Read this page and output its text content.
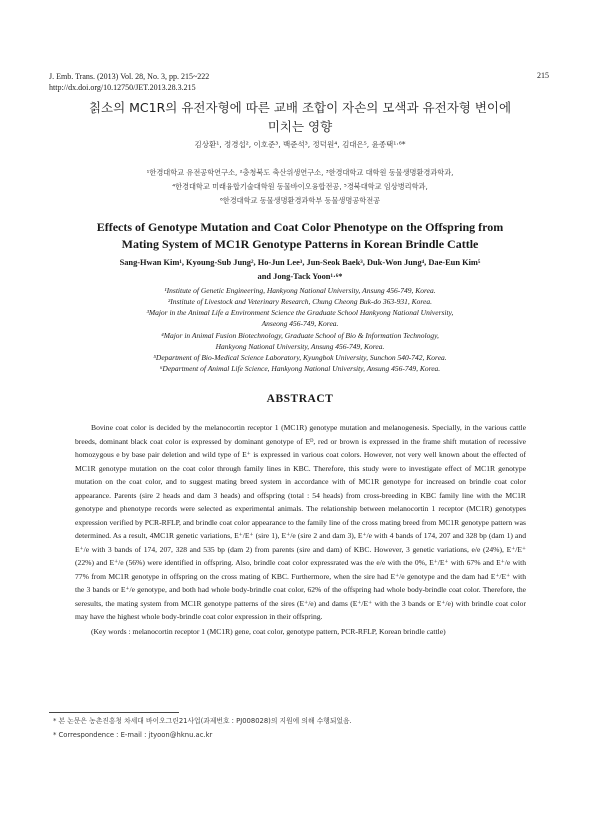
J. Emb. Trans. (2013) Vol. 28, No. 3, pp. 215~222
http://dx.doi.org/10.12750/JET.2013.28.3.215
215
칡소의 MC1R의 유전자형에 따른 교배 조합이 자손의 모색과 유전자형 변이에
미치는 영향
김상환¹, 정경섭², 이호준³, 백준석³, 정덕원⁴, 김대은⁵, 윤종택¹·⁶*
¹한경대학교 유전공학연구소, ²충청북도 축산위생연구소, ³한경대학교 대학원 동물생명환경과학과,
⁴한경대학교 미래융합기술대학원 동물바이오융합전공, ⁵경북대학교 임상병리학과,
⁶한경대학교 동물생명환경과학부 동물생명공학전공
Effects of Genotype Mutation and Coat Color Phenotype on the Offspring from
Mating System of MC1R Genotype Patterns in Korean Brindle Cattle
Sang-Hwan Kim¹, Kyoung-Sub Jung², Ho-Jun Lee³, Jun-Seok Baek³, Duk-Won Jung⁴, Dae-Eun Kim⁵
and Jong-Tack Yoon¹·⁶*
¹Institute of Genetic Engineering, Hankyong National University, Ansung 456-749, Korea.
²Institute of Livestock and Veterinary Research, Chung Cheong Buk-do 363-931, Korea.
³Major in the Animal Life a Environment Science the Graduate School Hankyong National University,
Anseong 456-749, Korea.
⁴Major in Animal Fusion Biotechnology, Graduate School of Bio & Information Technology,
Hankyong National University, Ansung 456-749, Korea.
⁵Department of Bio-Medical Science Laboratory, Kyungbok University, Sunchon 540-742, Korea.
⁶Department of Animal Life Science, Hankyong National University, Ansung 456-749, Korea.
ABSTRACT

Bovine coat color is decided by the melanocortin receptor 1 (MC1R) genotype mutation and melanogenesis. Specially, in the various cattle breeds, dominant black coat color is expressed by dominant genotype of Eᴰ, red or brown is expressed in the frame shift mutation of recessive homozygous e by base pair deletion and wild type of E⁺ is expressed in various coat colors. However, not very well known about the effected of MC1R genotype mutation on the coat color through family lines in KBC. Therefore, this study were to investigate effect of MC1R genotype mutation on the coat color, and to suggest mating breed system in accordance with of MC1R genotype for increased on brindle coat color appearance. Parents (sire 2 heads and dam 3 heads) and offspring (total : 54 heads) from cross-breeding in KBC family line with the MC1R genotype and phenotype records were selected as experimental animals. The relationship between melanocortin 1 receptor (MC1R) genotypes expression verified by PCR-RFLP, and brindle coat color appearance to the family line of the cross mating breed from MC1R genotype pattern was determined. As a result, 4MC1R genetic variations, E⁺/E⁺ (sire 1), E⁺/e (sire 2 and dam 3), E⁺/e with 4 bands of 174, 207 and 328 bp (dam 1) and E⁺/e with 3 bands of 174, 207, 328 and 535 bp (dam 2) from parents (sire and dam) of KBC. However, 3 genetic variations, e/e (24%), E⁺/E⁺ (22%) and E⁺/e (56%) were identified in offspring. Also, brindle coat color expressrated was the e/e with the 0%, E⁺/E⁺ with 67% and E⁺/e with 77% from MC1R genotype in offspring on the cross mating of KBC. Furthermore, when the sire had E⁺/e genotype and the dam had E⁺/E⁺ with the 3 bands or E⁺/e genotype, and both had whole body-brindle coat color, 62% of the offspring had whole body-brindle coat color. Therefore, the seresults, the mating system from MC1R genotype patterns of the sires (E⁺/e) and dams (E⁺/E⁺ with the 3 bands or E⁺/e) with brindle coat color may have the highest whole body-brindle coat color expression in their offspring.

(Key words : melanocortin receptor 1 (MC1R) gene, coat color, genotype pattern, PCR-RFLP, Korean brindle cattle)

* 본 논문은 농촌진흥청 차세대 바이오그린21사업(과제번호 : PJ008028)의 지원에 의해 수행되었음.
* Correspondence : E-mail : jtyoon@hknu.ac.kr
